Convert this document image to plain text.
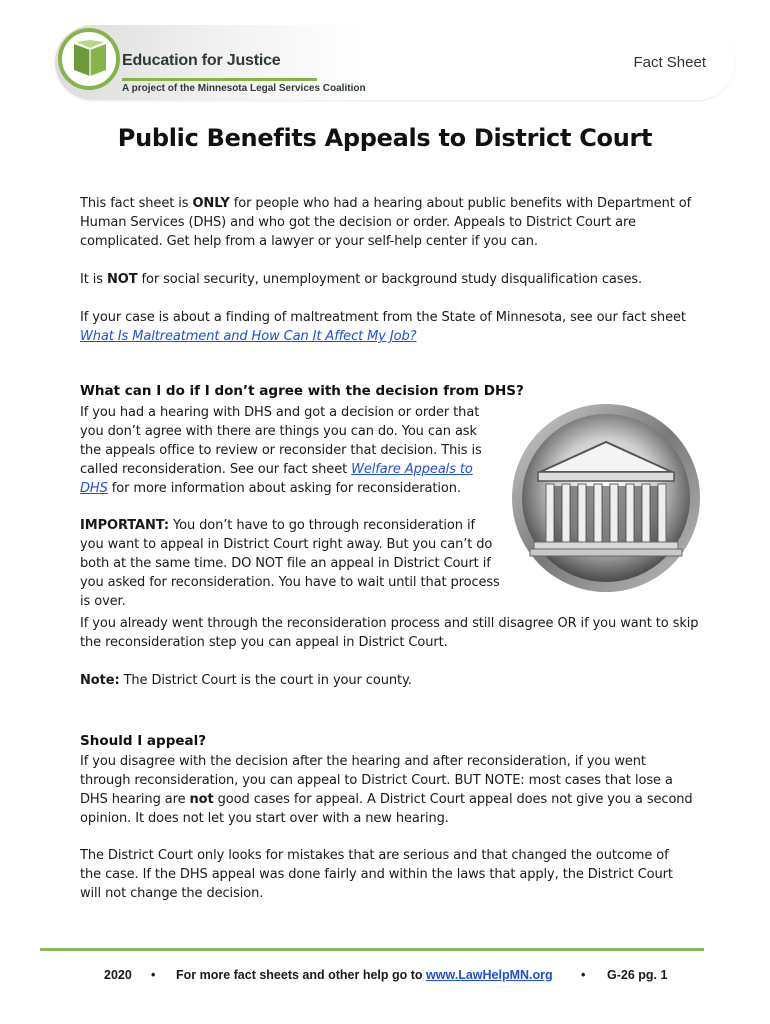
Education for Justice
A project of the Minnesota Legal Services Coalition
Fact Sheet
Public Benefits Appeals to District Court

This fact sheet is ONLY for people who had a hearing about public benefits with Department of Human Services (DHS) and who got the decision or order. Appeals to District Court are complicated. Get help from a lawyer or your self-help center if you can.

It is NOT for social security, unemployment or background study disqualification cases.

If your case is about a finding of maltreatment from the State of Minnesota, see our fact sheet What Is Maltreatment and How Can It Affect My Job?

What can I do if I don’t agree with the decision from DHS?

If you had a hearing with DHS and got a decision or order that you don’t agree with there are things you can do. You can ask the appeals office to review or reconsider that decision. This is called reconsideration. See our fact sheet Welfare Appeals to DHS for more information about asking for reconsideration.

IMPORTANT: You don’t have to go through reconsideration if you want to appeal in District Court right away. But you can’t do both at the same time. DO NOT file an appeal in District Court if you asked for reconsideration. You have to wait until that process is over.

If you already went through the reconsideration process and still disagree OR if you want to skip the reconsideration step you can appeal in District Court.

Note: The District Court is the court in your county.

Should I appeal?

If you disagree with the decision after the hearing and after reconsideration, if you went through reconsideration, you can appeal to District Court. BUT NOTE: most cases that lose a DHS hearing are not good cases for appeal. A District Court appeal does not give you a second opinion. It does not let you start over with a new hearing.

The District Court only looks for mistakes that are serious and that changed the outcome of the case. If the DHS appeal was done fairly and within the laws that apply, the District Court will not change the decision.

2020 • For more fact sheets and other help go to www.LawHelpMN.org • G-26 pg. 1
